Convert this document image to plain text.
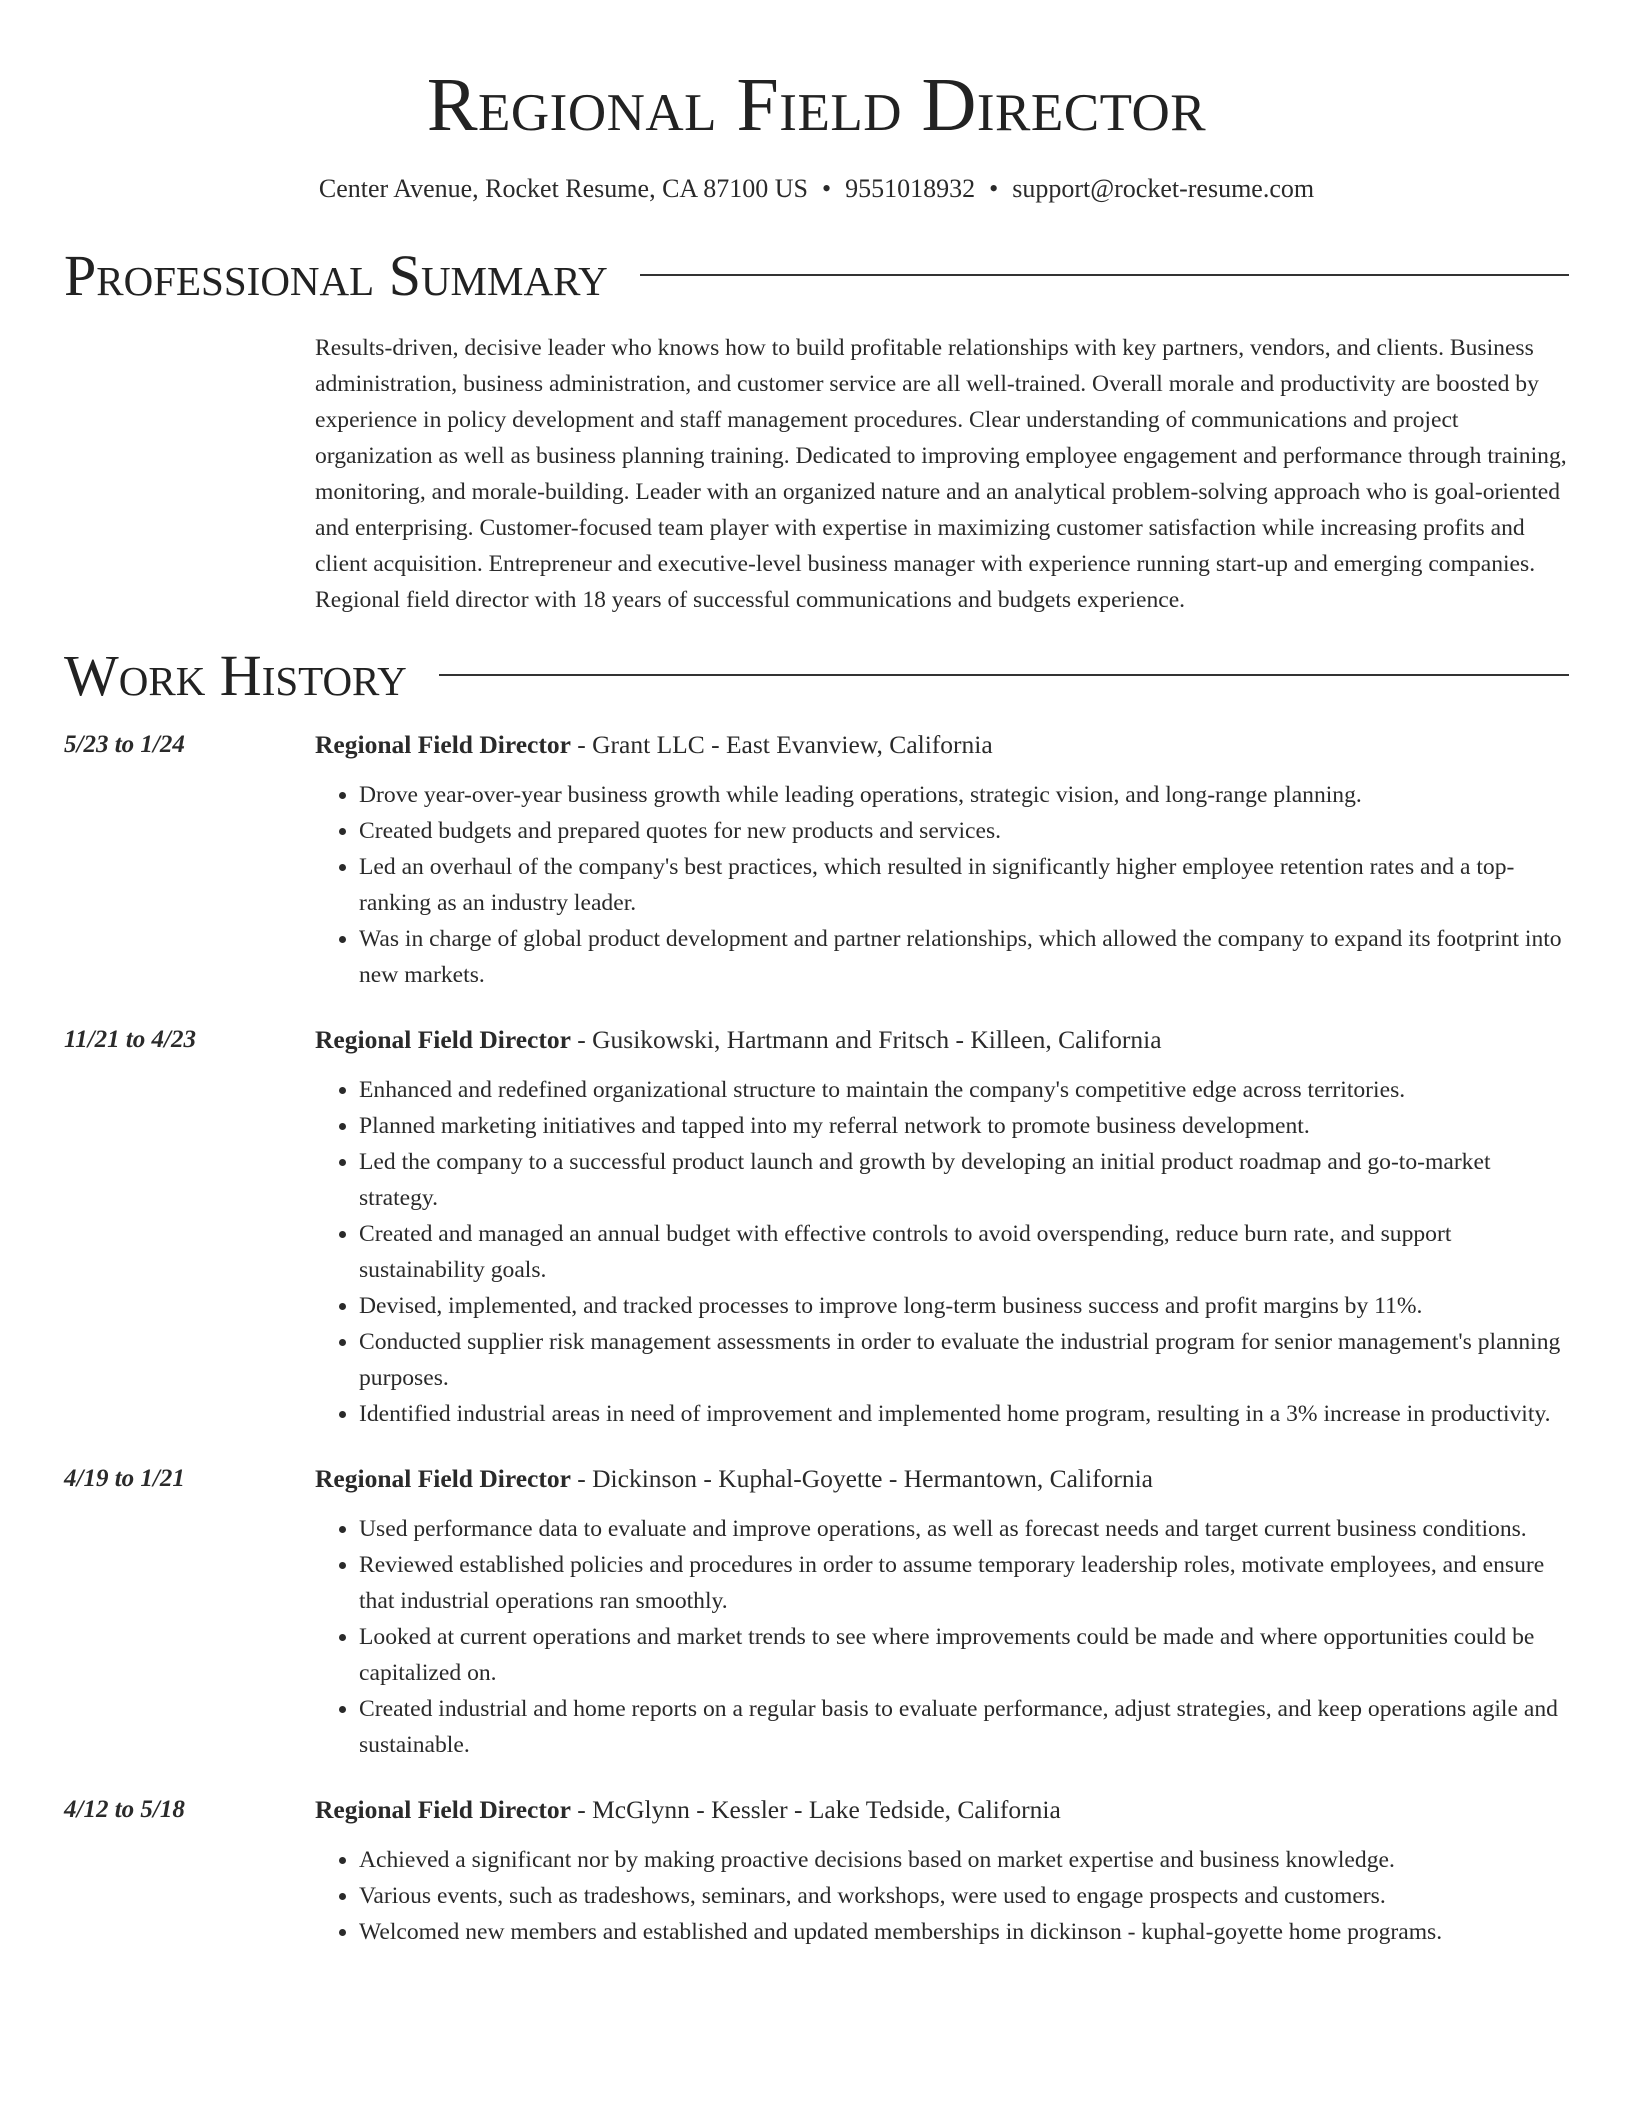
Regional Field Director
Center Avenue, Rocket Resume, CA 87100 US • 9551018932 • support@rocket-resume.com
Professional Summary
Results-driven, decisive leader who knows how to build profitable relationships with key partners, vendors, and clients. Business administration, business administration, and customer service are all well-trained. Overall morale and productivity are boosted by experience in policy development and staff management procedures. Clear understanding of communications and project organization as well as business planning training. Dedicated to improving employee engagement and performance through training, monitoring, and morale-building. Leader with an organized nature and an analytical problem-solving approach who is goal-oriented and enterprising. Customer-focused team player with expertise in maximizing customer satisfaction while increasing profits and client acquisition. Entrepreneur and executive-level business manager with experience running start-up and emerging companies. Regional field director with 18 years of successful communications and budgets experience.
Work History
5/23 to 1/24	Regional Field Director - Grant LLC - East Evanview, California
• Drove year-over-year business growth while leading operations, strategic vision, and long-range planning.
• Created budgets and prepared quotes for new products and services.
• Led an overhaul of the company's best practices, which resulted in significantly higher employee retention rates and a top-ranking as an industry leader.
• Was in charge of global product development and partner relationships, which allowed the company to expand its footprint into new markets.
11/21 to 4/23	Regional Field Director - Gusikowski, Hartmann and Fritsch - Killeen, California
• Enhanced and redefined organizational structure to maintain the company's competitive edge across territories.
• Planned marketing initiatives and tapped into my referral network to promote business development.
• Led the company to a successful product launch and growth by developing an initial product roadmap and go-to-market strategy.
• Created and managed an annual budget with effective controls to avoid overspending, reduce burn rate, and support sustainability goals.
• Devised, implemented, and tracked processes to improve long-term business success and profit margins by 11%.
• Conducted supplier risk management assessments in order to evaluate the industrial program for senior management's planning purposes.
• Identified industrial areas in need of improvement and implemented home program, resulting in a 3% increase in productivity.
4/19 to 1/21	Regional Field Director - Dickinson - Kuphal-Goyette - Hermantown, California
• Used performance data to evaluate and improve operations, as well as forecast needs and target current business conditions.
• Reviewed established policies and procedures in order to assume temporary leadership roles, motivate employees, and ensure that industrial operations ran smoothly.
• Looked at current operations and market trends to see where improvements could be made and where opportunities could be capitalized on.
• Created industrial and home reports on a regular basis to evaluate performance, adjust strategies, and keep operations agile and sustainable.
4/12 to 5/18	Regional Field Director - McGlynn - Kessler - Lake Tedside, California
• Achieved a significant nor by making proactive decisions based on market expertise and business knowledge.
• Various events, such as tradeshows, seminars, and workshops, were used to engage prospects and customers.
• Welcomed new members and established and updated memberships in dickinson - kuphal-goyette home programs.
